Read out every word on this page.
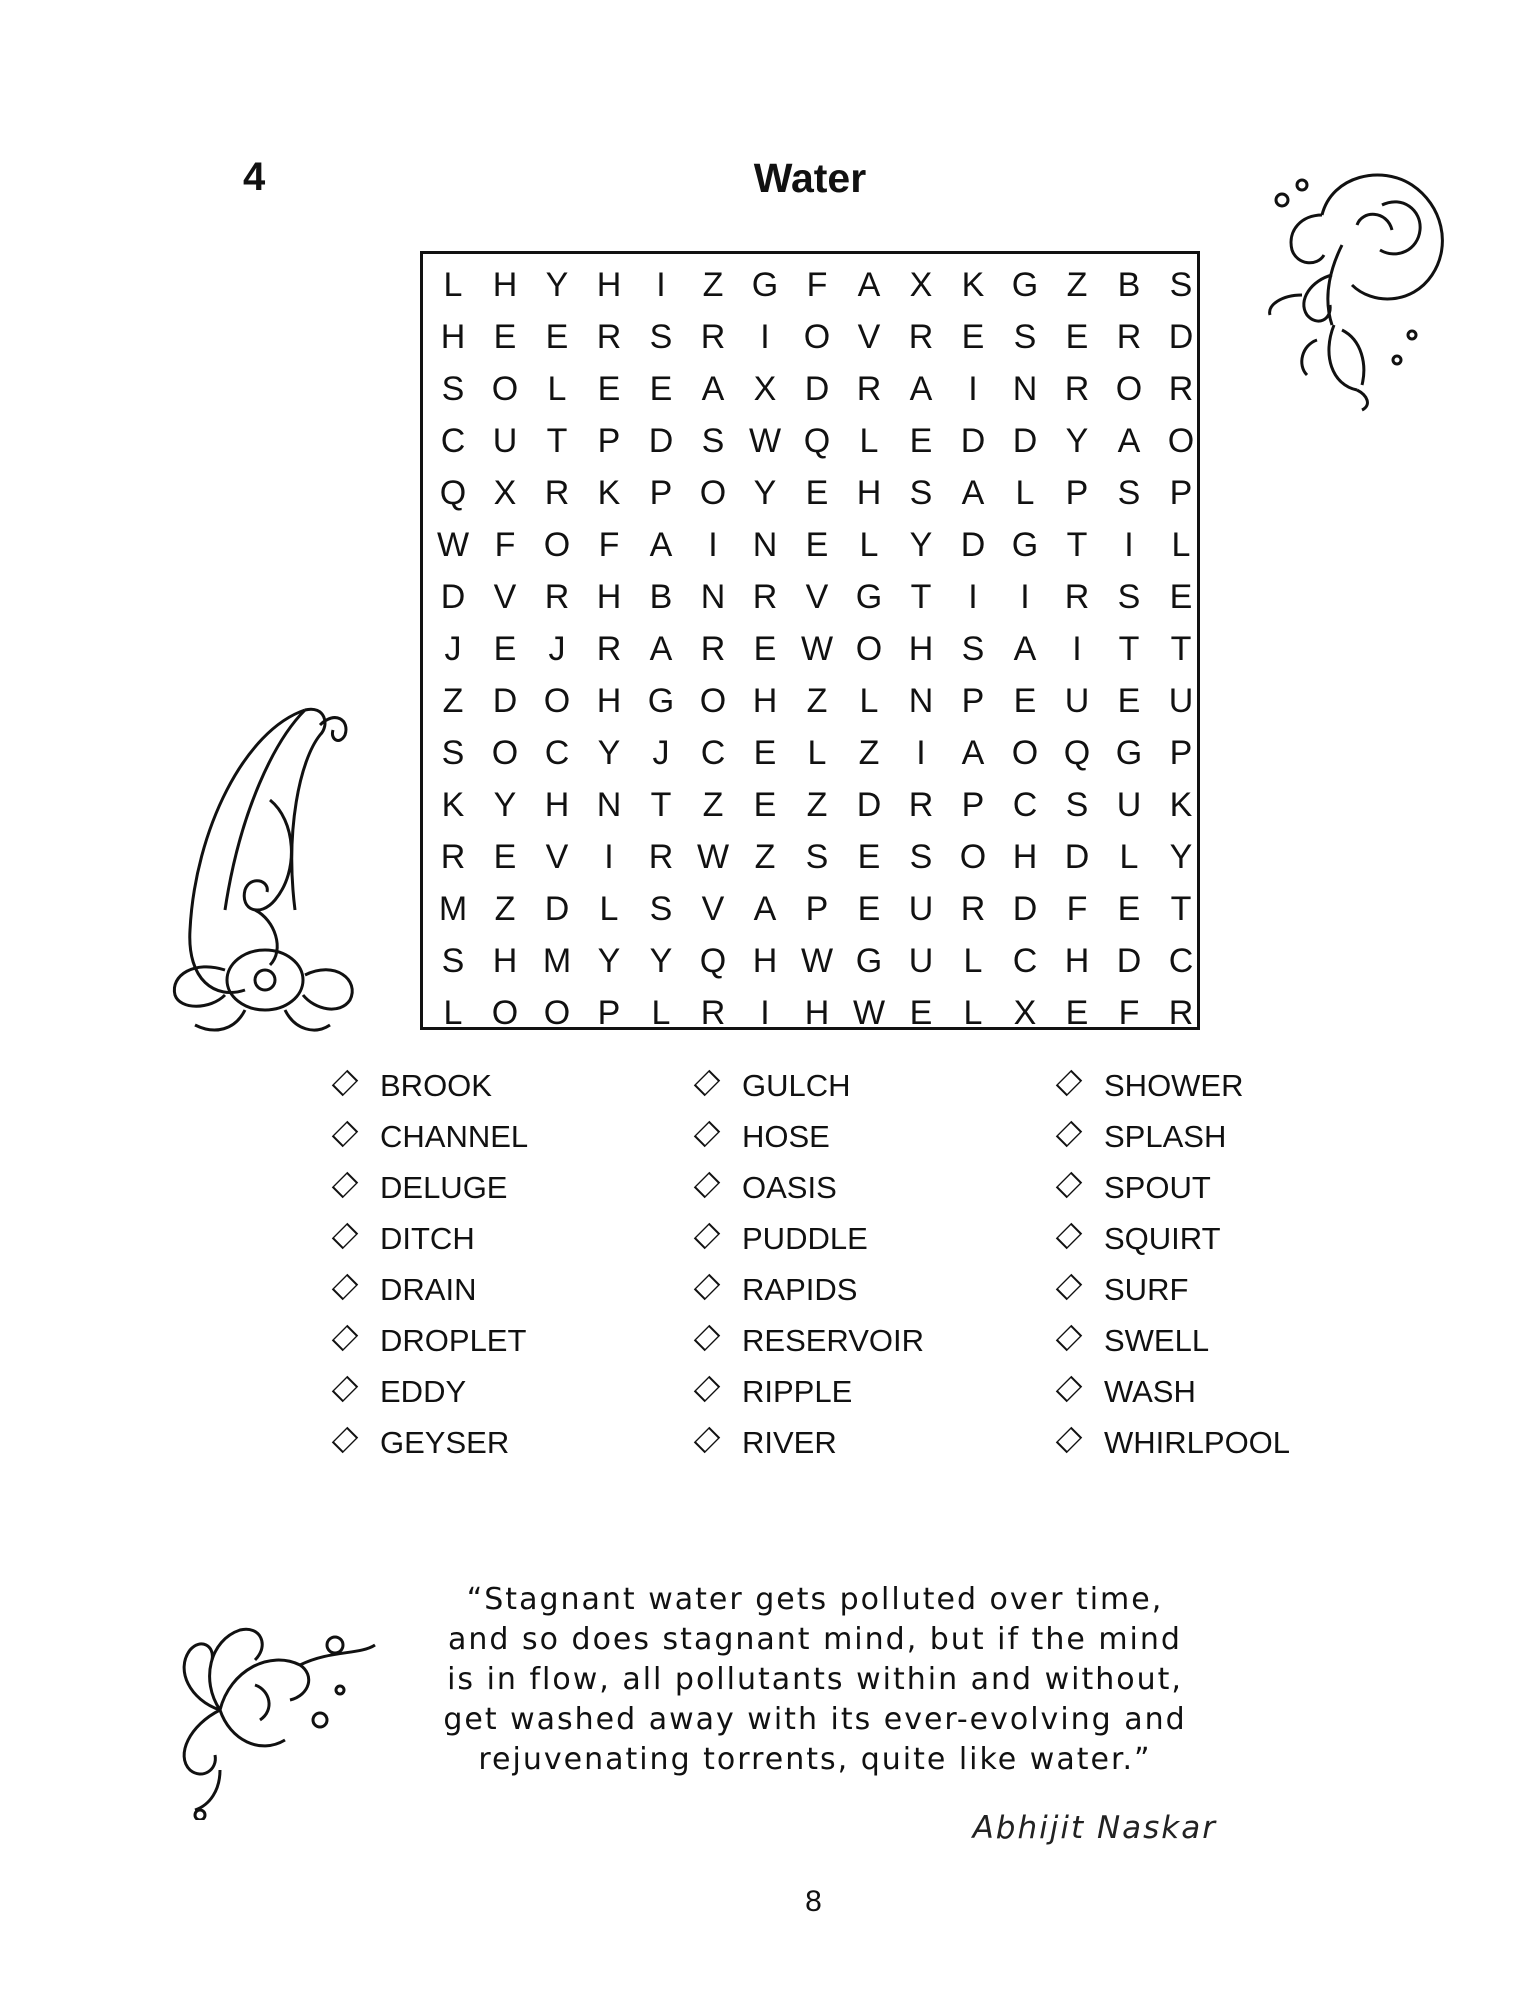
4	Water
L H Y H	I	Z G F A X K G Z B S
H E E R S R	I	O V R E S E R D
S O L E E A X D R A	I	N R O R
C U T P D S W Q L E D D Y A O
Q X R K P O Y E H S A L P S P
W F O F A	I	N E L Y D G T	I	L
D V R H B N R V G T	I	I	R S E
J E J R A R E W O H S A	I	T T
Z D O H G O H Z L N P E U E U
S O C Y J C E L Z	I	A O Q G P
K Y H N T Z E Z D R P C S U K
R E V	I	R W Z S E S O H D L Y
M Z D L S V A P E U R D F E T
S H M Y Y Q H W G U L C H D C
L O O P L R	I	H W E L X E F R
BROOK
CHANNEL
DELUGE
DITCH
DRAIN
DROPLET
EDDY
GEYSER
GULCH
HOSE
OASIS
PUDDLE
RAPIDS
RESERVOIR
RIPPLE
RIVER
SHOWER
SPLASH
SPOUT
SQUIRT
SURF
SWELL
WASH
WHIRLPOOL
“Stagnant water gets polluted over time,
and so does stagnant mind, but if the mind
is in flow, all pollutants within and without,
get washed away with its ever-evolving and
rejuvenating torrents, quite like water.”
Abhijit Naskar
8
